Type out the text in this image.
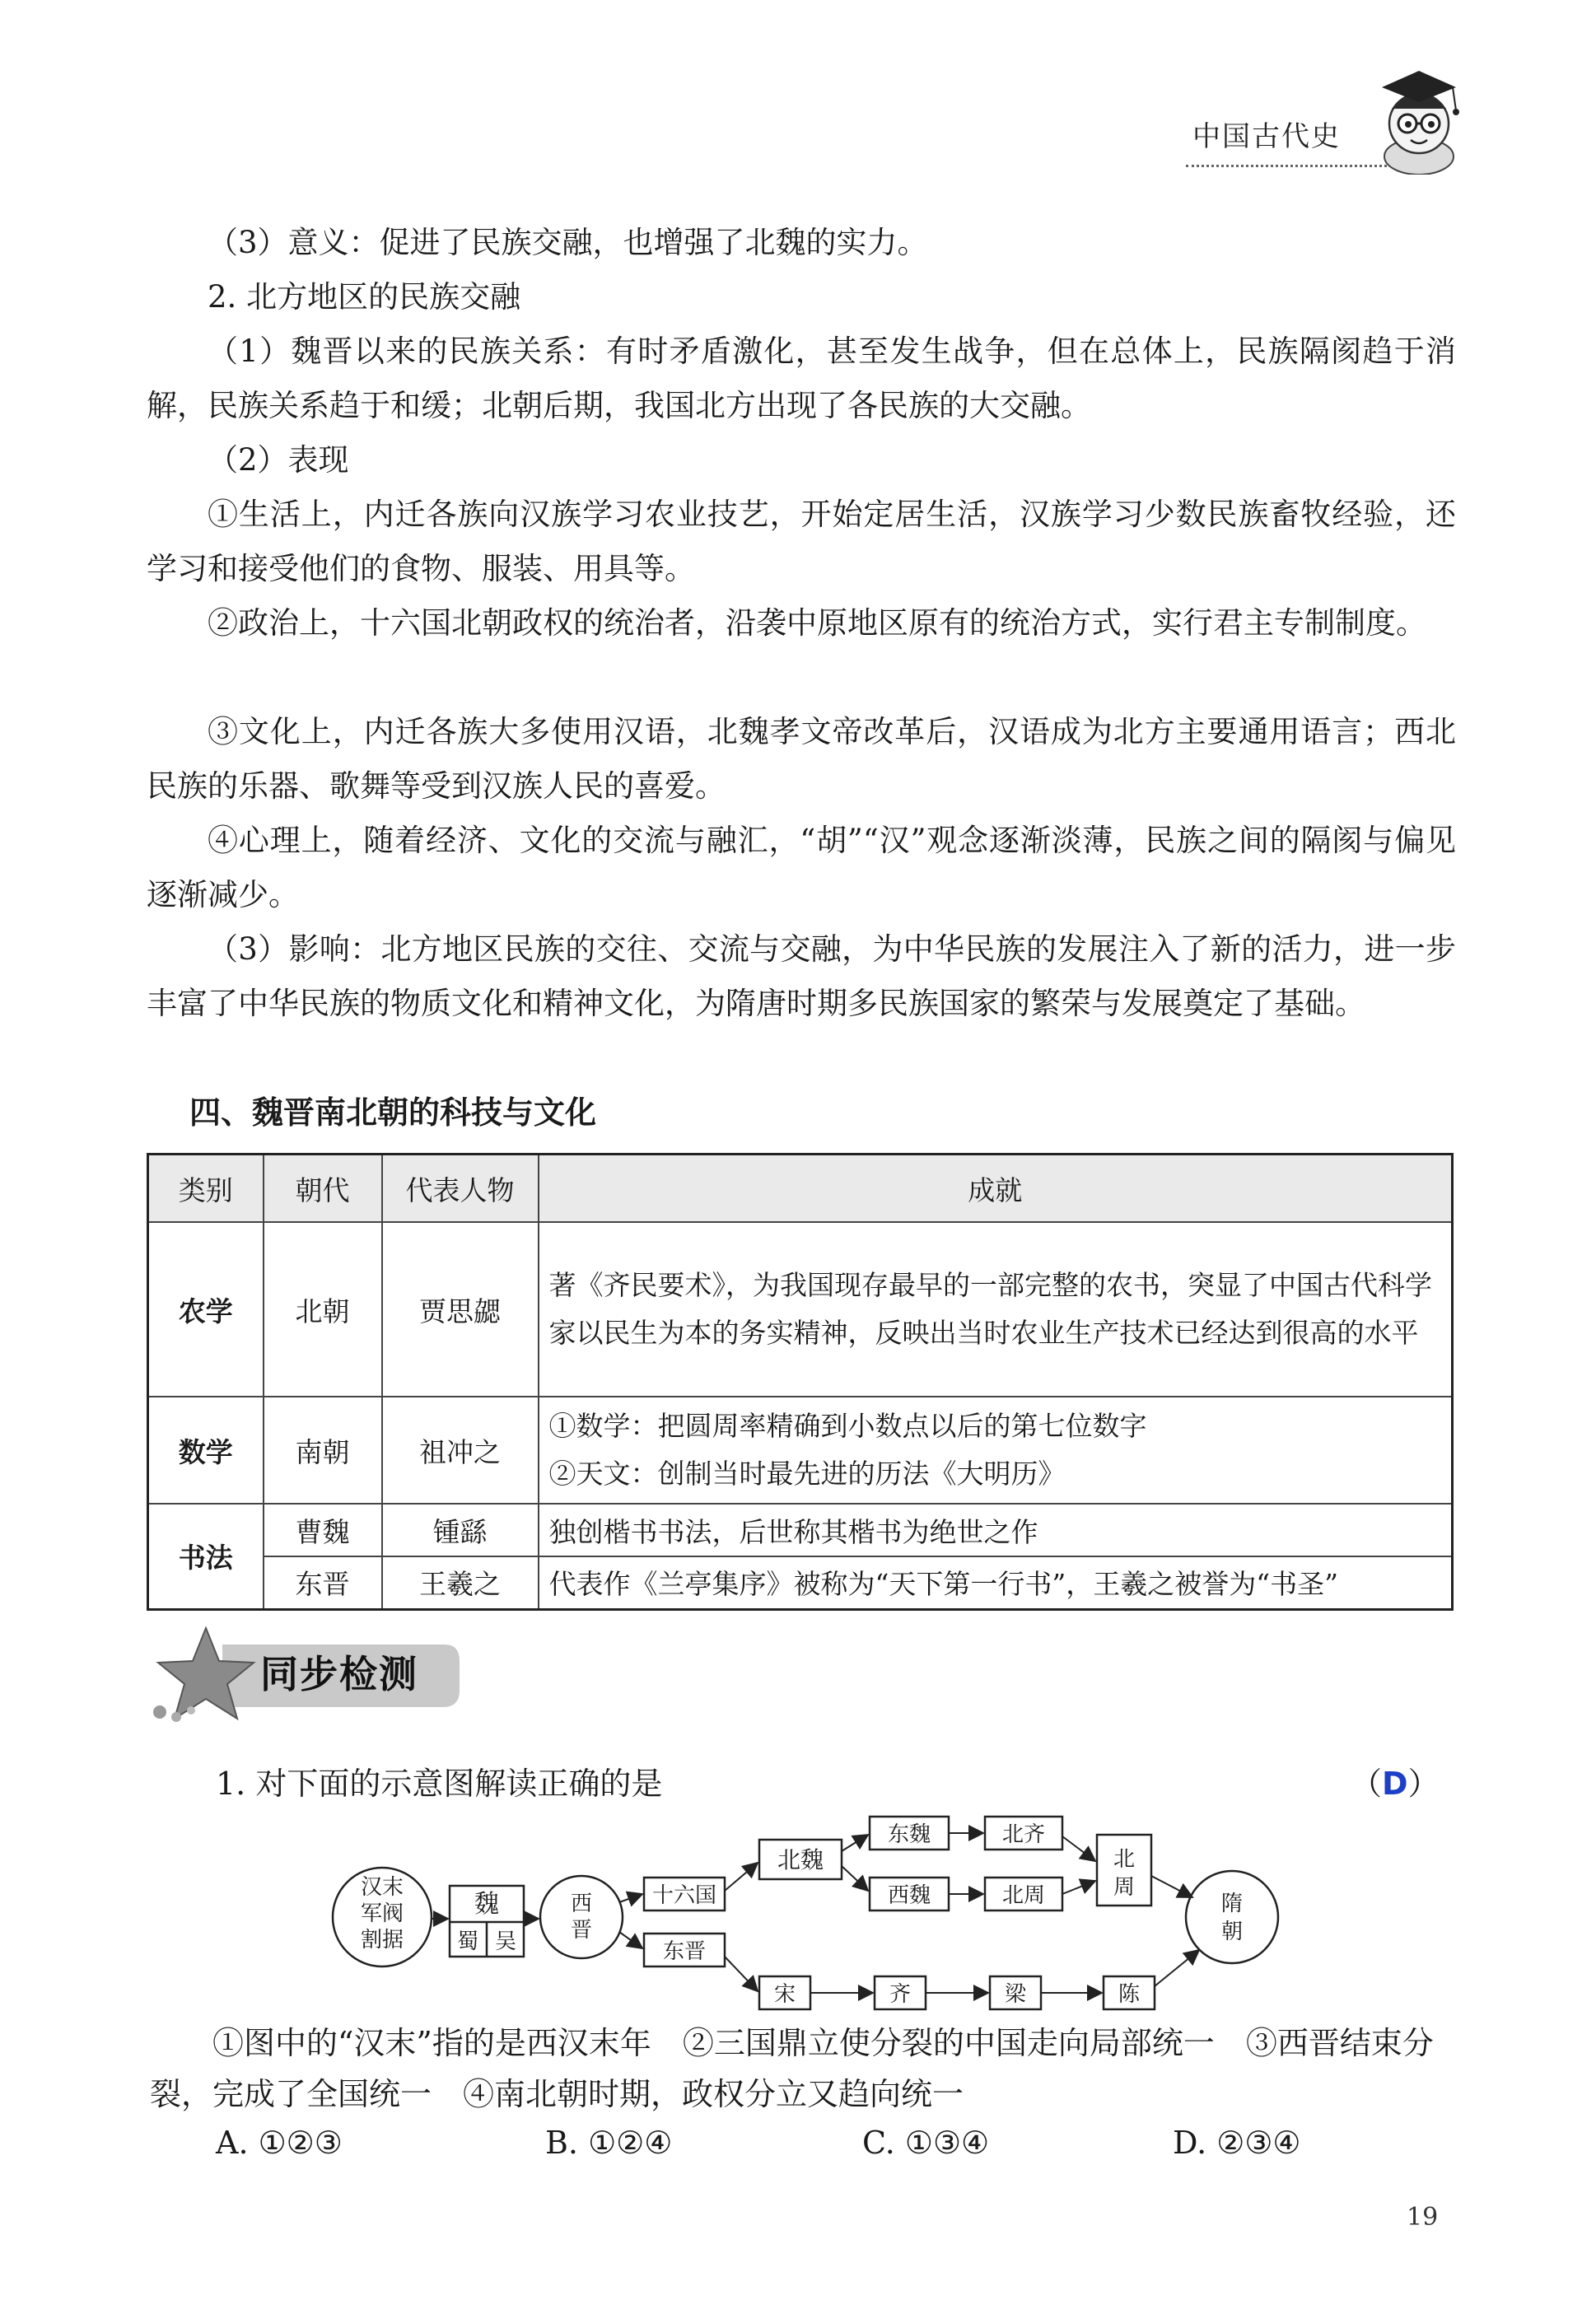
中国古代史

（3）意义：促进了民族交融，也增强了北魏的实力。

2. 北方地区的民族交融

（1）魏晋以来的民族关系：有时矛盾激化，甚至发生战争，但在总体上，民族隔阂趋于消解，民族关系趋于和缓；北朝后期，我国北方出现了各民族的大交融。

（2）表现

①生活上，内迁各族向汉族学习农业技艺，开始定居生活，汉族学习少数民族畜牧经验，还学习和接受他们的食物、服装、用具等。

②政治上，十六国北朝政权的统治者，沿袭中原地区原有的统治方式，实行君主专制制度。

③文化上，内迁各族大多使用汉语，北魏孝文帝改革后，汉语成为北方主要通用语言；西北民族的乐器、歌舞等受到汉族人民的喜爱。

④心理上，随着经济、文化的交流与融汇，“胡”“汉”观念逐渐淡薄，民族之间的隔阂与偏见逐渐减少。

（3）影响：北方地区民族的交往、交流与交融，为中华民族的发展注入了新的活力，进一步丰富了中华民族的物质文化和精神文化，为隋唐时期多民族国家的繁荣与发展奠定了基础。

四、魏晋南北朝的科技与文化
类别	朝代	代表人物	成就
农学	北朝	贾思勰	著《齐民要术》，为我国现存最早的一部完整的农书，突显了中国古代科学家以民生为本的务实精神，反映出当时农业生产技术已经达到很高的水平
数学	南朝	祖冲之	①数学：把圆周率精确到小数点以后的第七位数字
②天文：创制当时最先进的历法《大明历》

书法	曹魏	锺繇	独创楷书书法，后世称其楷书为绝世之作
	东晋	王羲之	代表作《兰亭集序》被称为“天下第一行书”，王羲之被誉为“书圣”
同步检测
1. 对下面的示意图解读正确的是	（D）
汉末
军阀
割据
魏
蜀 吴
西
晋
十六国
东晋
北魏
东魏
西魏
北齐
北周
北
周
宋	齐	梁	陈
隋
朝

①图中的“汉末”指的是西汉末年　②三国鼎立使分裂的中国走向局部统一　③西晋结束分裂，完成了全国统一　④南北朝时期，政权分立又趋向统一

A. ①②③	B. ①②④	C. ①③④	D. ②③④
19
